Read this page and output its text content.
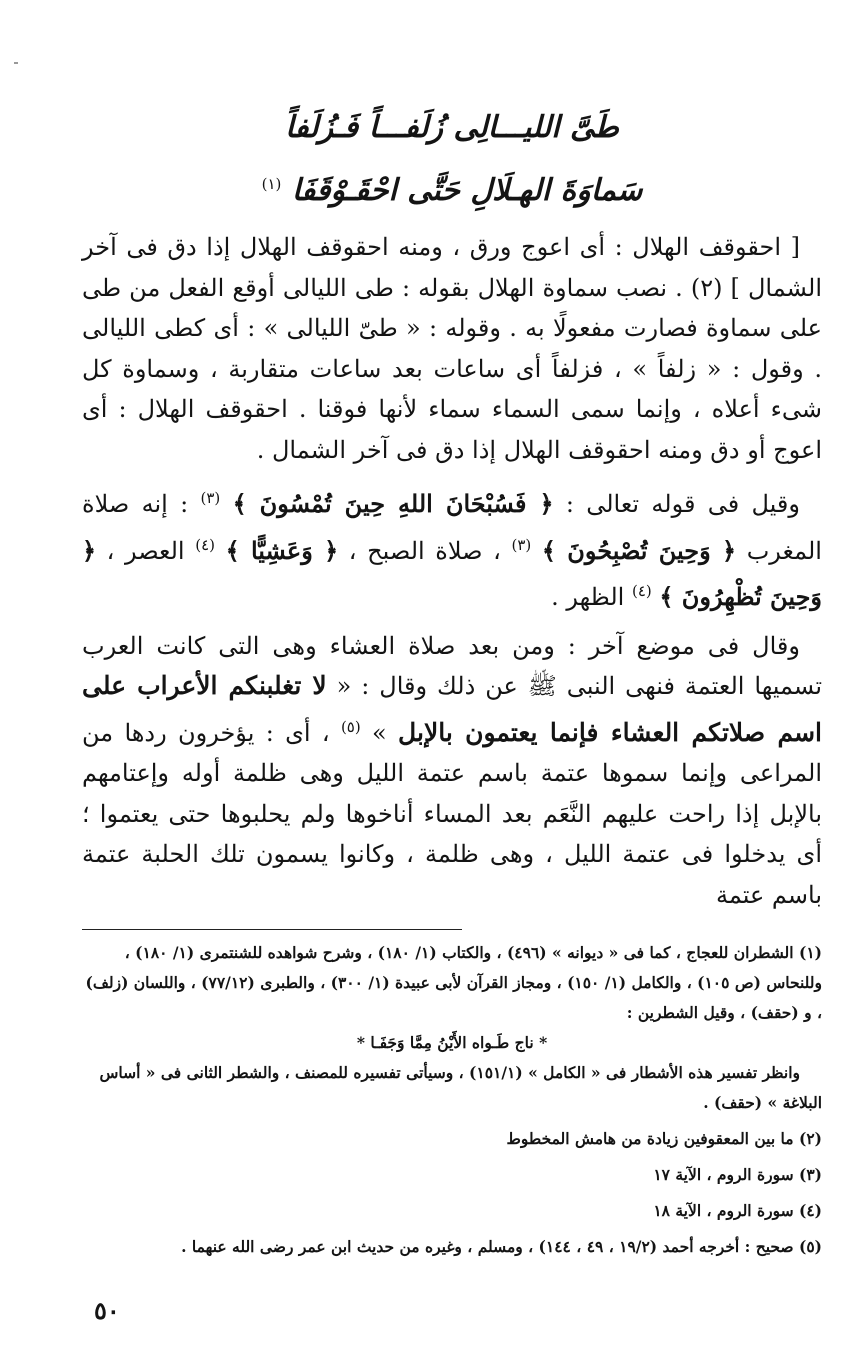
طَىَّ الليـــالِى زُلَفـــاً فَـزُلَفاً
سَماوَةَ الهـلَالِ حَتَّى احْقَـوْقَفَا $^{(١)}$

[ احقوقف الهلال : أى اعوج ورق ، ومنه احقوقف الهلال إذا دق فى آخر الشمال ] (٢) . نصب سماوة الهلال بقوله : طى الليالى أوقع الفعل من طى على سماوة فصارت مفعولًا به . وقوله : « طىّ الليالى » : أى كطى الليالى . وقول : « زلفاً » ، فزلفاً أى ساعات بعد ساعات متقاربة ، وسماوة كل شىء أعلاه ، وإنما سمى السماء سماء لأنها فوقنا . احقوقف الهلال : أى اعوج أو دق ومنه احقوقف الهلال إذا دق فى آخر الشمال .

وقيل فى قوله تعالى : ﴿ فَسُبْحَانَ اللهِ حِينَ تُمْسُونَ ﴾ $^{(٣)}$ : إنه صلاة المغرب ﴿ وَحِينَ تُصْبِحُونَ ﴾ $^{(٣)}$ ، صلاة الصبح ، ﴿ وَعَشِيًّا ﴾ $^{(٤)}$ العصر ، ﴿ وَحِينَ تُظْهِرُونَ ﴾ $^{(٤)}$ الظهر .

وقال فى موضع آخر : ومن بعد صلاة العشاء وهى التى كانت العرب تسميها العتمة فنهى النبى ﷺ عن ذلك وقال : « لا تغلبنكم الأعراب على اسم صلاتكم العشاء فإنما يعتمون بالإبل » $^{(٥)}$ ، أى : يؤخرون ردها من المراعى وإنما سموها عتمة باسم عتمة الليل وهى ظلمة أوله وإعتامهم بالإبل إذا راحت عليهم النَّعَم بعد المساء أناخوها ولم يحلبوها حتى يعتموا ؛ أى يدخلوا فى عتمة الليل ، وهى ظلمة ، وكانوا يسمون تلك الحلبة عتمة باسم عتمة

(١) الشطران للعجاج ، كما فى « ديوانه » (٤٩٦) ، والكتاب (١/ ١٨٠) ، وشرح شواهده للشنتمرى (١/ ١٨٠) ، وللنحاس (ص ١٠٥) ، والكامل (١/ ١٥٠) ، ومجاز القرآن لأبى عبيدة (١/ ٣٠٠) ، والطبرى (٧٧/١٢) ، واللسان (زلف) ، و (حقف) ، وقيل الشطرين :

* ناج طَـواه الأَيْنُ مِمَّا وَجَفَـا *

وانظر تفسير هذه الأشطار فى « الكامل » (١٥١/١) ، وسيأتى تفسيره للمصنف ، والشطر الثانى فى « أساس البلاغة » (حقف) .

(٢) ما بين المعقوفين زيادة من هامش المخطوط

(٣) سورة الروم ، الآية ١٧

(٤) سورة الروم ، الآية ١٨

(٥) صحيح : أخرجه أحمد (١٩/٢ ، ٤٩ ، ١٤٤) ، ومسلم ، وغيره من حديث ابن عمر رضى الله عنهما .

٥٠
